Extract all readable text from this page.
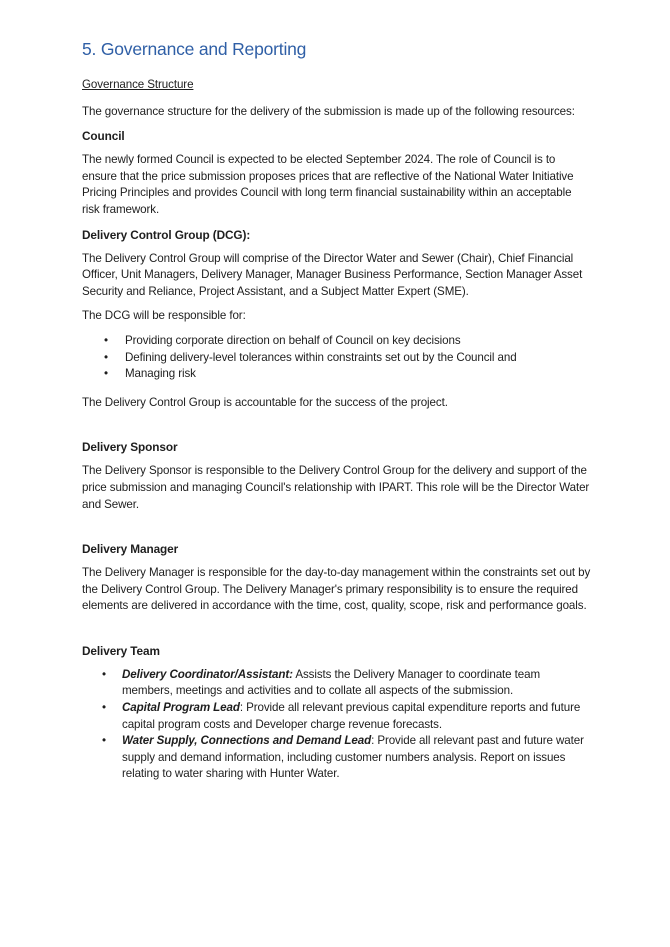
5. Governance and Reporting
Governance Structure

The governance structure for the delivery of the submission is made up of the following resources:

Council

The newly formed Council is expected to be elected September 2024. The role of Council is to ensure that the price submission proposes prices that are reflective of the National Water Initiative Pricing Principles and provides Council with long term financial sustainability within an acceptable risk framework.

Delivery Control Group (DCG):

The Delivery Control Group will comprise of the Director Water and Sewer (Chair), Chief Financial Officer, Unit Managers, Delivery Manager, Manager Business Performance, Section Manager Asset Security and Reliance, Project Assistant, and a Subject Matter Expert (SME).

The DCG will be responsible for:

• Providing corporate direction on behalf of Council on key decisions
• Defining delivery-level tolerances within constraints set out by the Council and
• Managing risk

The Delivery Control Group is accountable for the success of the project.

Delivery Sponsor

The Delivery Sponsor is responsible to the Delivery Control Group for the delivery and support of the price submission and managing Council's relationship with IPART. This role will be the Director Water and Sewer.

Delivery Manager

The Delivery Manager is responsible for the day-to-day management within the constraints set out by the Delivery Control Group. The Delivery Manager's primary responsibility is to ensure the required elements are delivered in accordance with the time, cost, quality, scope, risk and performance goals.

Delivery Team
• Delivery Coordinator/Assistant: Assists the Delivery Manager to coordinate team members, meetings and activities and to collate all aspects of the submission.
• Capital Program Lead: Provide all relevant previous capital expenditure reports and future capital program costs and Developer charge revenue forecasts.
• Water Supply, Connections and Demand Lead: Provide all relevant past and future water supply and demand information, including customer numbers analysis. Report on issues relating to water sharing with Hunter Water.
